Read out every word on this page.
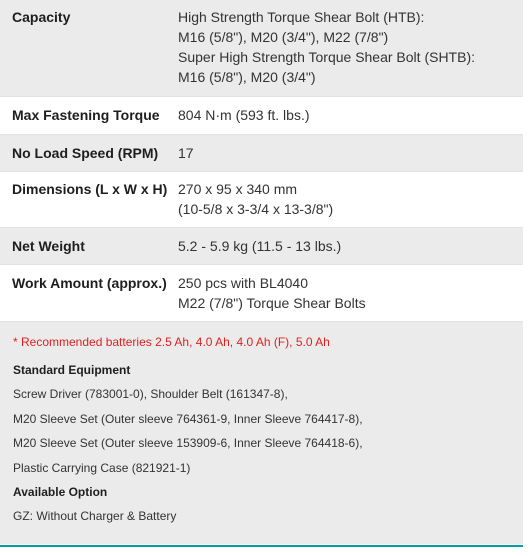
Capacity	High Strength Torque Shear Bolt (HTB):
M16 (5/8"), M20 (3/4"), M22 (7/8")
Super High Strength Torque Shear Bolt (SHTB):
M16 (5/8"), M20 (3/4")
Max Fastening Torque	804 N·m (593 ft. lbs.)
No Load Speed (RPM)	17
Dimensions (L x W x H) 270 x 95 x 340 mm
(10-5/8 x 3-3/4 x 13-3/8")
Net Weight	5.2 - 5.9 kg (11.5 - 13 lbs.)
Work Amount (approx.) 250 pcs with BL4040
M22 (7/8") Torque Shear Bolts
* Recommended batteries 2.5 Ah, 4.0 Ah, 4.0 Ah (F), 5.0 Ah
Standard Equipment
Screw Driver (783001-0), Shoulder Belt (161347-8),
M20 Sleeve Set (Outer sleeve 764361-9, Inner Sleeve 764417-8),
M20 Sleeve Set (Outer sleeve 153909-6, Inner Sleeve 764418-6),
Plastic Carrying Case (821921-1)
Available Option
GZ: Without Charger & Battery
